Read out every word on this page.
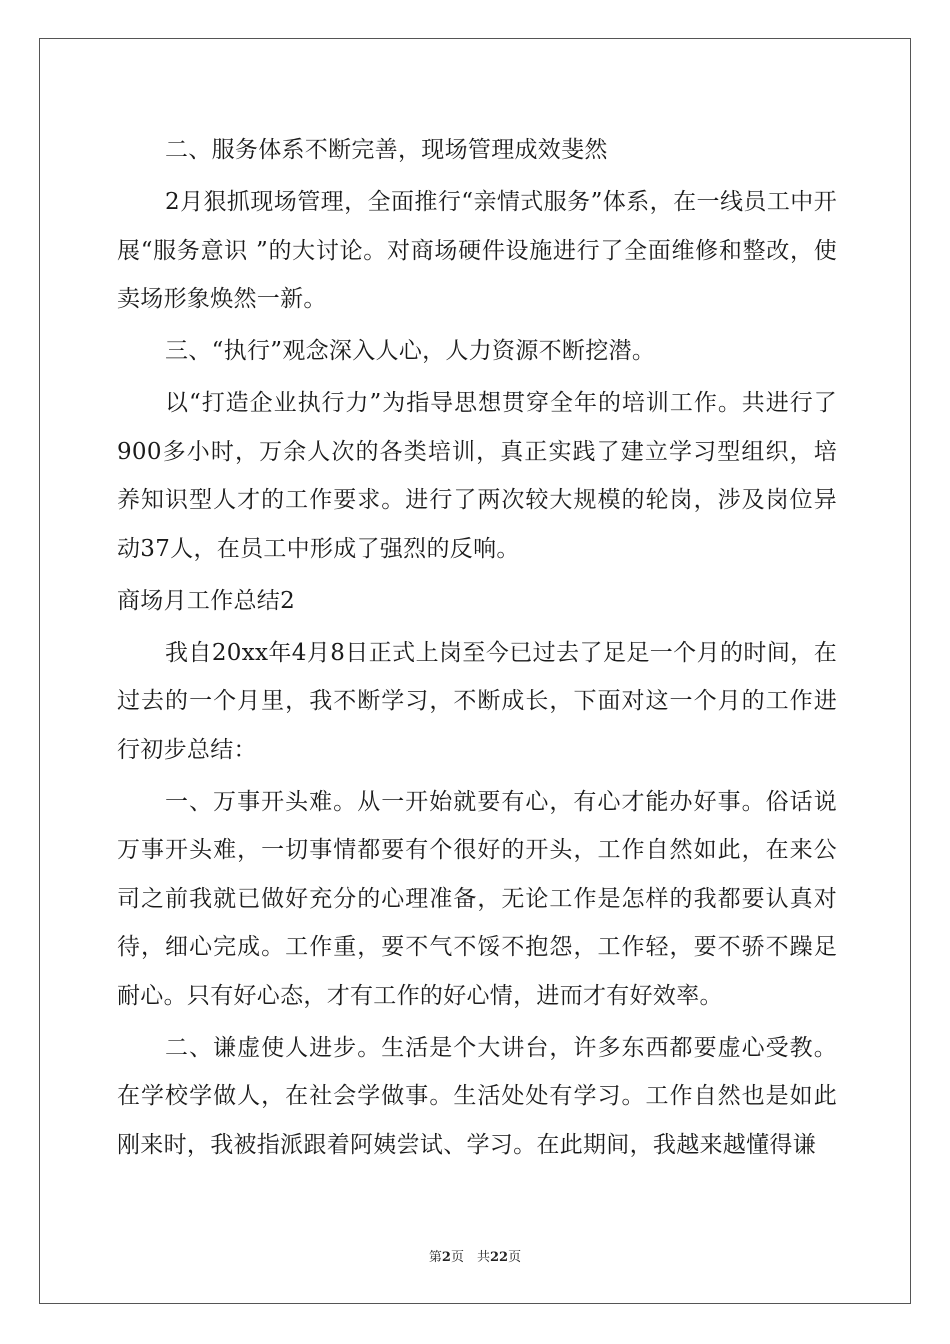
二、服务体系不断完善，现场管理成效斐然

2月狠抓现场管理，全面推行“亲情式服务”体系，在一线员工中开展“服务意识 ”的大讨论。对商场硬件设施进行了全面维修和整改，使卖场形象焕然一新。

三、“执行”观念深入人心，人力资源不断挖潜。

以“打造企业执行力”为指导思想贯穿全年的培训工作。共进行了900多小时，万余人次的各类培训，真正实践了建立学习型组织，培养知识型人才的工作要求。进行了两次较大规模的轮岗，涉及岗位异动37人，在员工中形成了强烈的反响。

商场月工作总结2

我自20xx年4月8日正式上岗至今已过去了足足一个月的时间，在过去的一个月里，我不断学习，不断成长，下面对这一个月的工作进行初步总结：

一、万事开头难。从一开始就要有心，有心才能办好事。俗话说万事开头难，一切事情都要有个很好的开头，工作自然如此，在来公司之前我就已做好充分的心理准备，无论工作是怎样的我都要认真对待，细心完成。工作重，要不气不馁不抱怨，工作轻，要不骄不躁足耐心。只有好心态，才有工作的好心情，进而才有好效率。

二、谦虚使人进步。生活是个大讲台，许多东西都要虚心受教。在学校学做人，在社会学做事。生活处处有学习。工作自然也是如此刚来时，我被指派跟着阿姨尝试、学习。在此期间，我越来越懂得谦

第2页　共22页
